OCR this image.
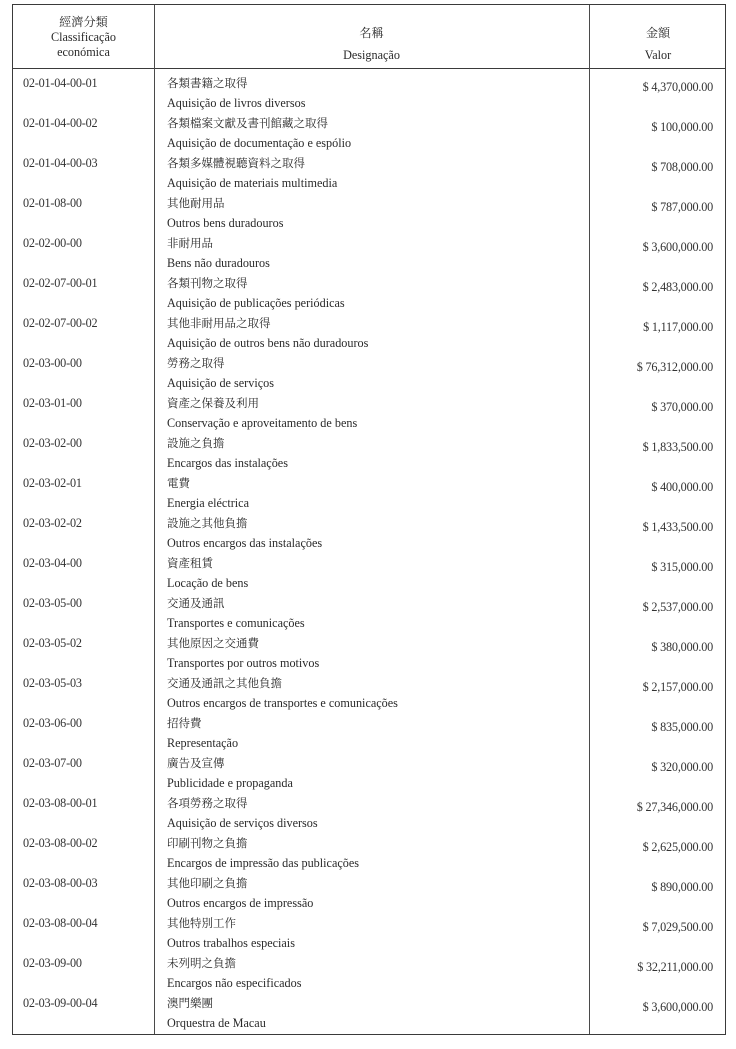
經濟分類
Classificação
económica
名稱
Designação
金額
Valor
02-01-04-00-01	各類書籍之取得
Aquisição de livros diversos
$ 4,370,000.00
02-01-04-00-02	各類檔案文獻及書刊館藏之取得
Aquisição de documentação e espólio
$ 100,000.00
02-01-04-00-03	各類多媒體視聽資料之取得
Aquisição de materiais multimedia
$ 708,000.00
02-01-08-00	其他耐用品
Outros bens duradouros
$ 787,000.00
02-02-00-00	非耐用品
Bens não duradouros
$ 3,600,000.00
02-02-07-00-01	各類刊物之取得
Aquisição de publicações periódicas
$ 2,483,000.00
02-02-07-00-02	其他非耐用品之取得
Aquisição de outros bens não duradouros
$ 1,117,000.00
02-03-00-00	勞務之取得
Aquisição de serviços
$ 76,312,000.00
02-03-01-00	資產之保養及利用
Conservação e aproveitamento de bens
$ 370,000.00
02-03-02-00	設施之負擔
Encargos das instalações
$ 1,833,500.00
02-03-02-01	電費
Energia eléctrica
$ 400,000.00
02-03-02-02	設施之其他負擔
Outros encargos das instalações
$ 1,433,500.00
02-03-04-00	資產租賃
Locação de bens
$ 315,000.00
02-03-05-00	交通及通訊
Transportes e comunicações
$ 2,537,000.00
02-03-05-02	其他原因之交通費
Transportes por outros motivos
$ 380,000.00
02-03-05-03	交通及通訊之其他負擔
Outros encargos de transportes e comunicações
$ 2,157,000.00
02-03-06-00	招待費
Representação
$ 835,000.00
02-03-07-00	廣告及宣傳
Publicidade e propaganda
$ 320,000.00
02-03-08-00-01	各項勞務之取得
Aquisição de serviços diversos
$ 27,346,000.00
02-03-08-00-02	印刷刊物之負擔
Encargos de impressão das publicações
$ 2,625,000.00
02-03-08-00-03	其他印刷之負擔
Outros encargos de impressão
$ 890,000.00
02-03-08-00-04	其他特別工作
Outros trabalhos especiais
$ 7,029,500.00
02-03-09-00	未列明之負擔
Encargos não especificados
$ 32,211,000.00
02-03-09-00-04	澳門樂團
Orquestra de Macau
$ 3,600,000.00
